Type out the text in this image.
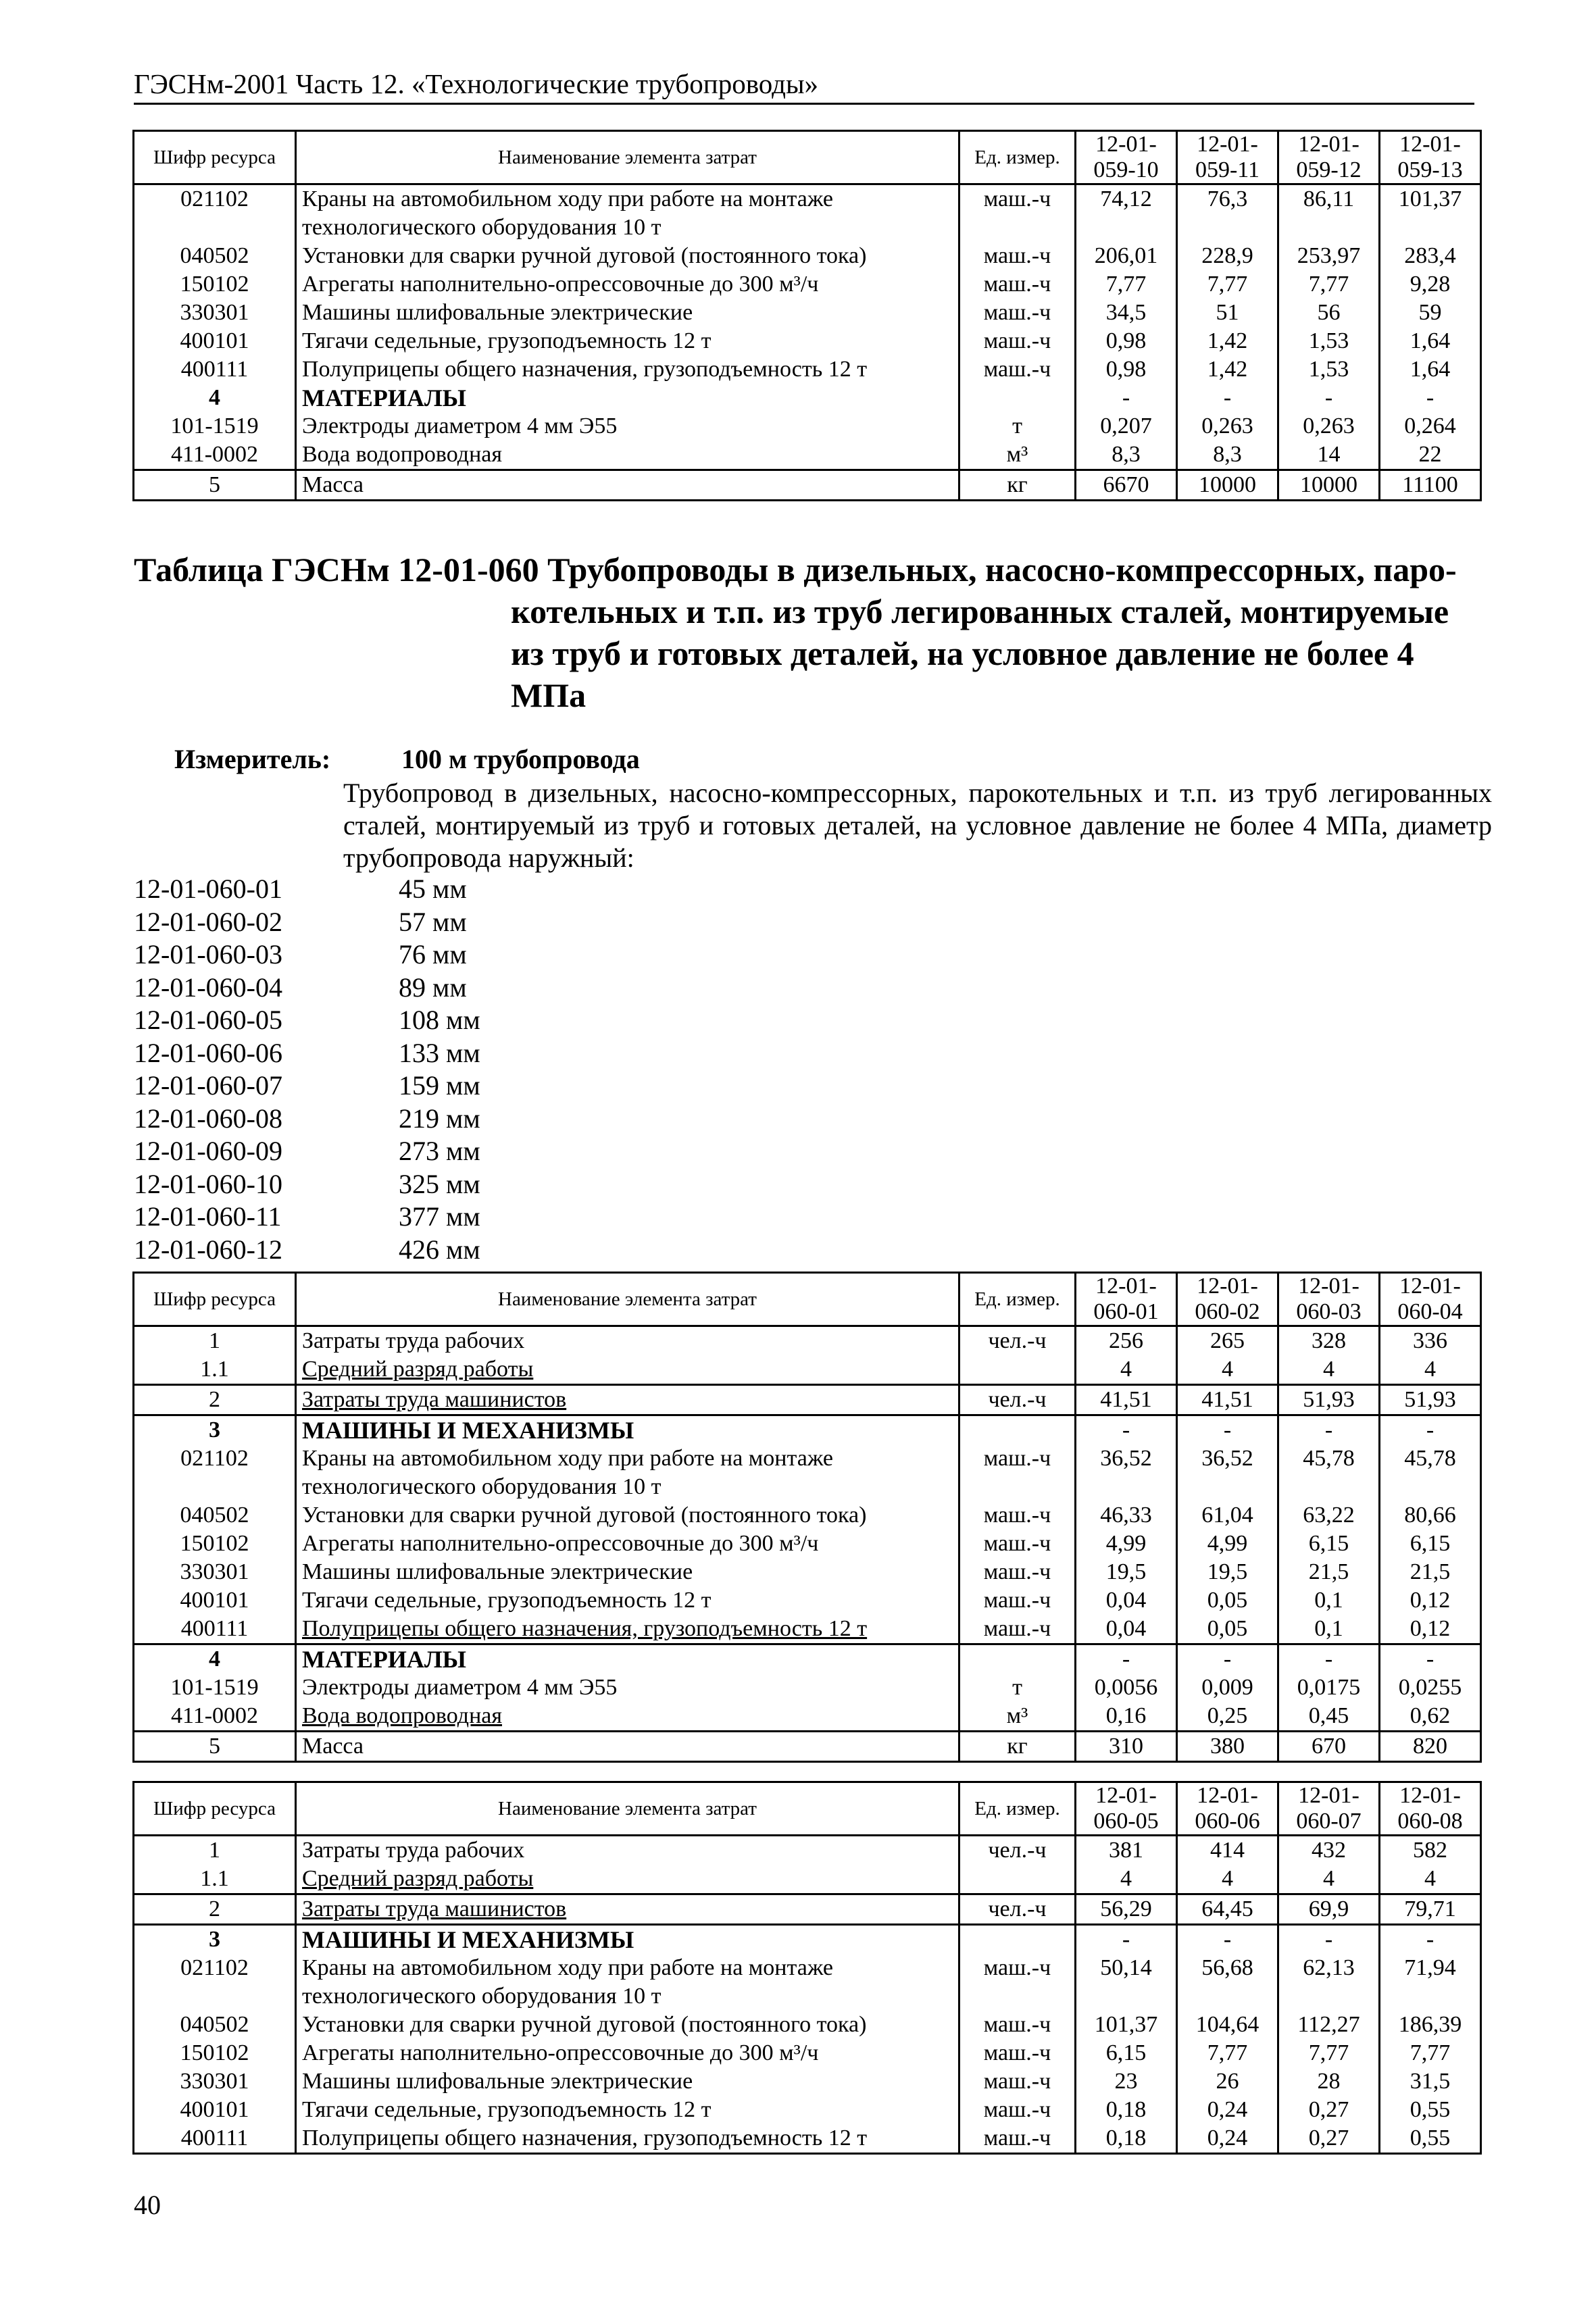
ГЭСНм-2001 Часть 12. «Технологические трубопроводы»
Шифр ресурса	Наименование элемента затрат	Ед. измер.	12-01-059-10	12-01-059-11	12-01-059-12	12-01-059-13
021102	Краны на автомобильном ходу при работе на монтаже технологического оборудования 10 т	маш.-ч	74,12	76,3	86,11	101,37
040502	Установки для сварки ручной дуговой (постоянного тока)	маш.-ч	206,01	228,9	253,97	283,4
150102	Агрегаты наполнительно-опрессовочные до 300 м³/ч	маш.-ч	7,77	7,77	7,77	9,28
330301	Машины шлифовальные электрические	маш.-ч	34,5	51	56	59
400101	Тягачи седельные, грузоподъемность 12 т	маш.-ч	0,98	1,42	1,53	1,64
400111	Полуприцепы общего назначения, грузоподъемность 12 т	маш.-ч	0,98	1,42	1,53	1,64
4	МАТЕРИАЛЫ		-	-	-	-
101-1519	Электроды диаметром 4 мм Э55	т	0,207	0,263	0,263	0,264
411-0002	Вода водопроводная	м³	8,3	8,3	14	22
5	Масса	кг	6670	10000	10000	11100
Таблица ГЭСНм 12-01-060 Трубопроводы в дизельных, насосно-компрессорных, паро-
котельных и т.п. из труб легированных сталей, монтируемые
из труб и готовых деталей, на условное давление не более 4
МПа
Измеритель:	100 м трубопровода
Трубопровод в дизельных, насосно-компрессорных, парокотельных и т.п. из труб легированных сталей, монтируемый из труб и готовых деталей, на условное давление не более 4 МПа, диаметр трубопровода наружный:
12-01-060-01	45 мм
12-01-060-02	57 мм
12-01-060-03	76 мм
12-01-060-04	89 мм
12-01-060-05	108 мм
12-01-060-06	133 мм
12-01-060-07	159 мм
12-01-060-08	219 мм
12-01-060-09	273 мм
12-01-060-10	325 мм
12-01-060-11	377 мм
12-01-060-12	426 мм
Шифр ресурса	Наименование элемента затрат	Ед. измер.	12-01-060-01	12-01-060-02	12-01-060-03	12-01-060-04
1	Затраты труда рабочих	чел.-ч	256	265	328	336
1.1	Средний разряд работы		4	4	4	4
2	Затраты труда машинистов	чел.-ч	41,51	41,51	51,93	51,93
3	МАШИНЫ И МЕХАНИЗМЫ		-	-	-	-
021102	Краны на автомобильном ходу при работе на монтаже технологического оборудования 10 т	маш.-ч	36,52	36,52	45,78	45,78
040502	Установки для сварки ручной дуговой (постоянного тока)	маш.-ч	46,33	61,04	63,22	80,66
150102	Агрегаты наполнительно-опрессовочные до 300 м³/ч	маш.-ч	4,99	4,99	6,15	6,15
330301	Машины шлифовальные электрические	маш.-ч	19,5	19,5	21,5	21,5
400101	Тягачи седельные, грузоподъемность 12 т	маш.-ч	0,04	0,05	0,1	0,12
400111	Полуприцепы общего назначения, грузоподъемность 12 т	маш.-ч	0,04	0,05	0,1	0,12
4	МАТЕРИАЛЫ		-	-	-	-
101-1519	Электроды диаметром 4 мм Э55	т	0,0056	0,009	0,0175	0,0255
411-0002	Вода водопроводная	м³	0,16	0,25	0,45	0,62
5	Масса	кг	310	380	670	820
Шифр ресурса	Наименование элемента затрат	Ед. измер.	12-01-060-05	12-01-060-06	12-01-060-07	12-01-060-08
1	Затраты труда рабочих	чел.-ч	381	414	432	582
1.1	Средний разряд работы		4	4	4	4
2	Затраты труда машинистов	чел.-ч	56,29	64,45	69,9	79,71
3	МАШИНЫ И МЕХАНИЗМЫ		-	-	-	-
021102	Краны на автомобильном ходу при работе на монтаже технологического оборудования 10 т	маш.-ч	50,14	56,68	62,13	71,94
040502	Установки для сварки ручной дуговой (постоянного тока)	маш.-ч	101,37	104,64	112,27	186,39
150102	Агрегаты наполнительно-опрессовочные до 300 м³/ч	маш.-ч	6,15	7,77	7,77	7,77
330301	Машины шлифовальные электрические	маш.-ч	23	26	28	31,5
400101	Тягачи седельные, грузоподъемность 12 т	маш.-ч	0,18	0,24	0,27	0,55
400111	Полуприцепы общего назначения, грузоподъемность 12 т	маш.-ч	0,18	0,24	0,27	0,55
40
